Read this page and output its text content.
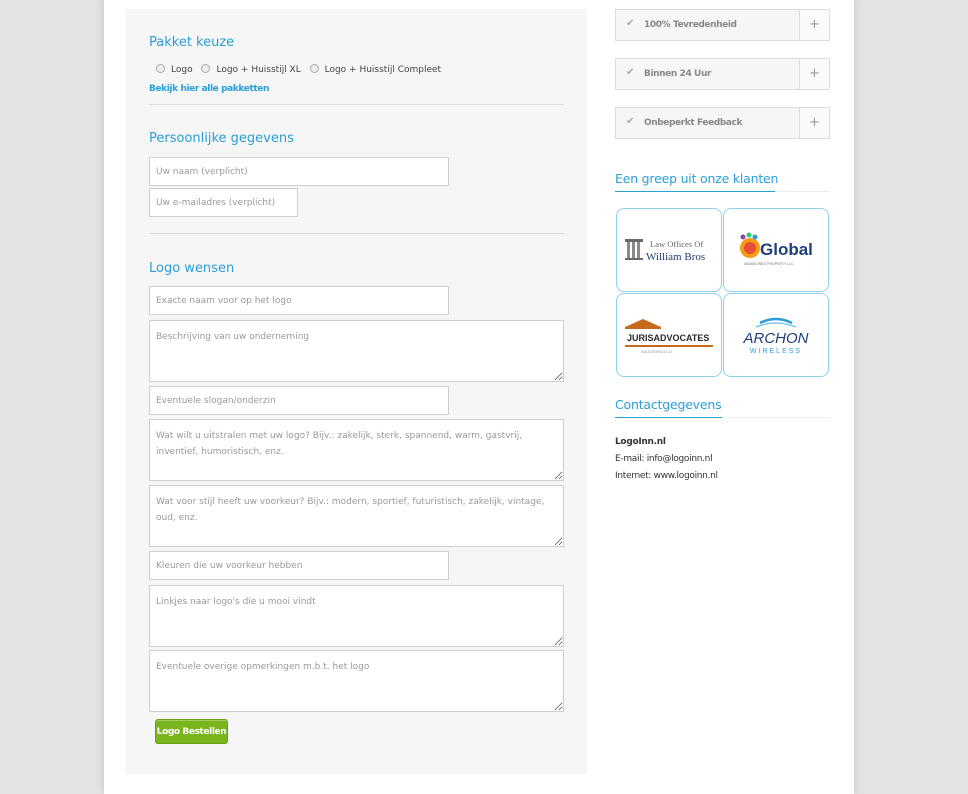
Pakket keuze
Logo
	Logo + Huisstijl XL
	Logo + Huisstijl Compleet
Bekijk hier alle pakketten
Persoonlijke gegevens
Uw naam (verplicht)
Uw e-mailadres (verplicht)
Logo wensen
Exacte naam voor op het logo
Beschrijving van uw onderneming
Eventuele slogan/onderzin
Wat wilt u uitstralen met uw logo? Bijv.: zakelijk, sterk, spannend, warm, gastvrij, inventief, humoristisch, enz.
Wat voor stijl heeft uw voorkeur? Bijv.: modern, sportief, futuristisch, zakelijk, vintage, oud, enz.
Kleuren die uw voorkeur hebben
Linkjes naar logo's die u mooi vindt
Eventuele overige opmerkingen m.b.t. het logo
Logo Bestellen
✔ 100% Tevredenheid	+
✔ Binnen 24 Uur	+
✔ Onbeperkt Feedback	+
Een greep uit onze klanten
Law Offices Of
William Bros	Global
ABANDONED PROPERTY LLC
JURISADVOCATES
SOLICITORS & CO.
ARCHON
WIRELESS
Contactgegevens
LogoInn.nl
E-mail: info@logoinn.nl
Internet: www.logoinn.nl
